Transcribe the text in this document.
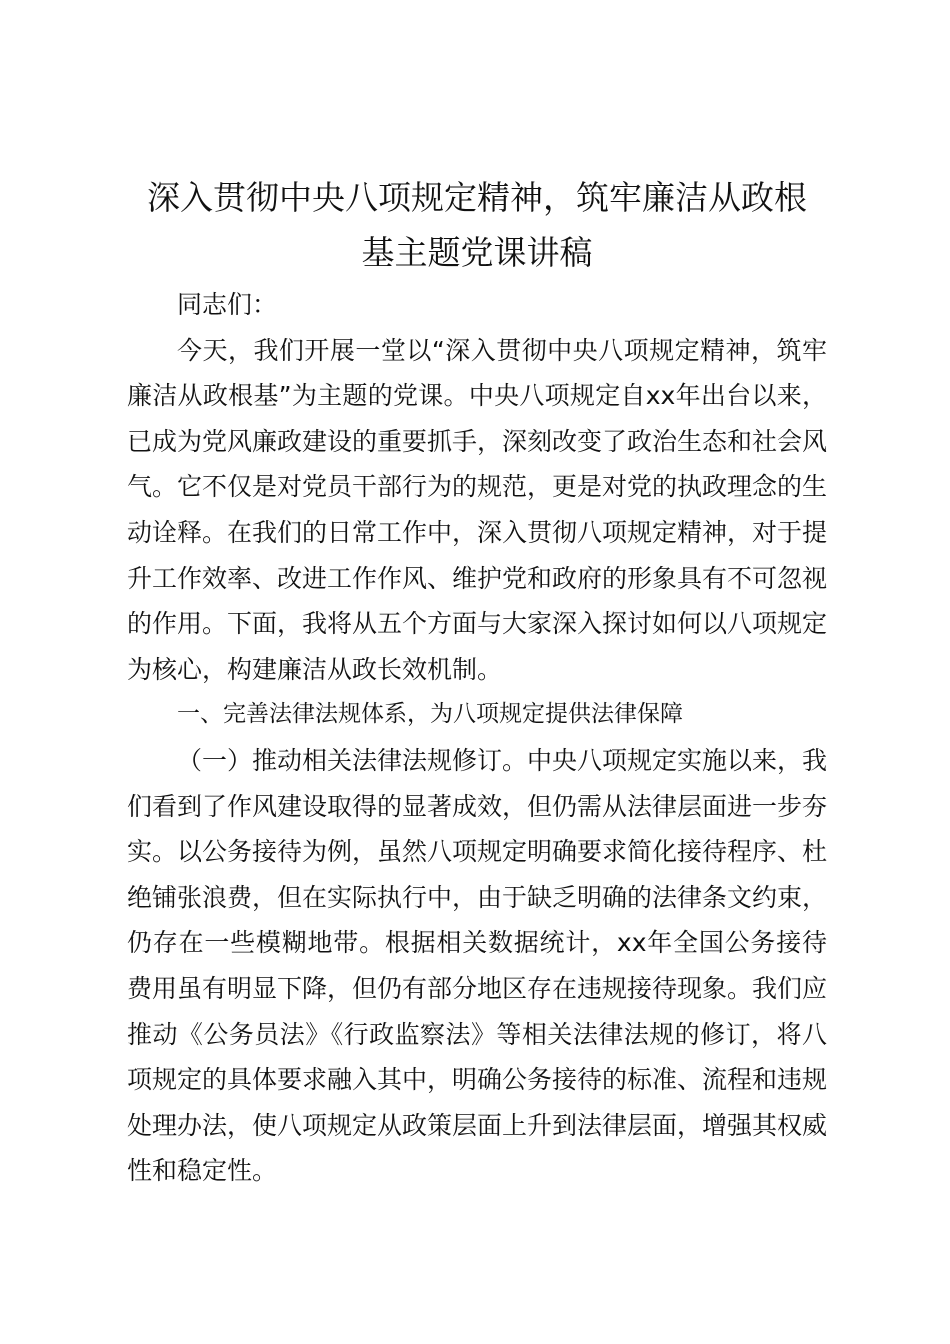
深入贯彻中央八项规定精神，筑牢廉洁从政根
基主题党课讲稿

同志们：

今天，我们开展一堂以“深入贯彻中央八项规定精神，筑牢廉洁从政根基”为主题的党课。中央八项规定自xx年出台以来，已成为党风廉政建设的重要抓手，深刻改变了政治生态和社会风气。它不仅是对党员干部行为的规范，更是对党的执政理念的生动诠释。在我们的日常工作中，深入贯彻八项规定精神，对于提升工作效率、改进工作作风、维护党和政府的形象具有不可忽视的作用。下面，我将从五个方面与大家深入探讨如何以八项规定为核心，构建廉洁从政长效机制。

一、完善法律法规体系，为八项规定提供法律保障

（一）推动相关法律法规修订。中央八项规定实施以来，我们看到了作风建设取得的显著成效，但仍需从法律层面进一步夯实。以公务接待为例，虽然八项规定明确要求简化接待程序、杜绝铺张浪费，但在实际执行中，由于缺乏明确的法律条文约束，仍存在一些模糊地带。根据相关数据统计，xx年全国公务接待费用虽有明显下降，但仍有部分地区存在违规接待现象。我们应推动《公务员法》《行政监察法》等相关法律法规的修订，将八项规定的具体要求融入其中，明确公务接待的标准、流程和违规处理办法，使八项规定从政策层面上升到法律层面，增强其权威性和稳定性。
